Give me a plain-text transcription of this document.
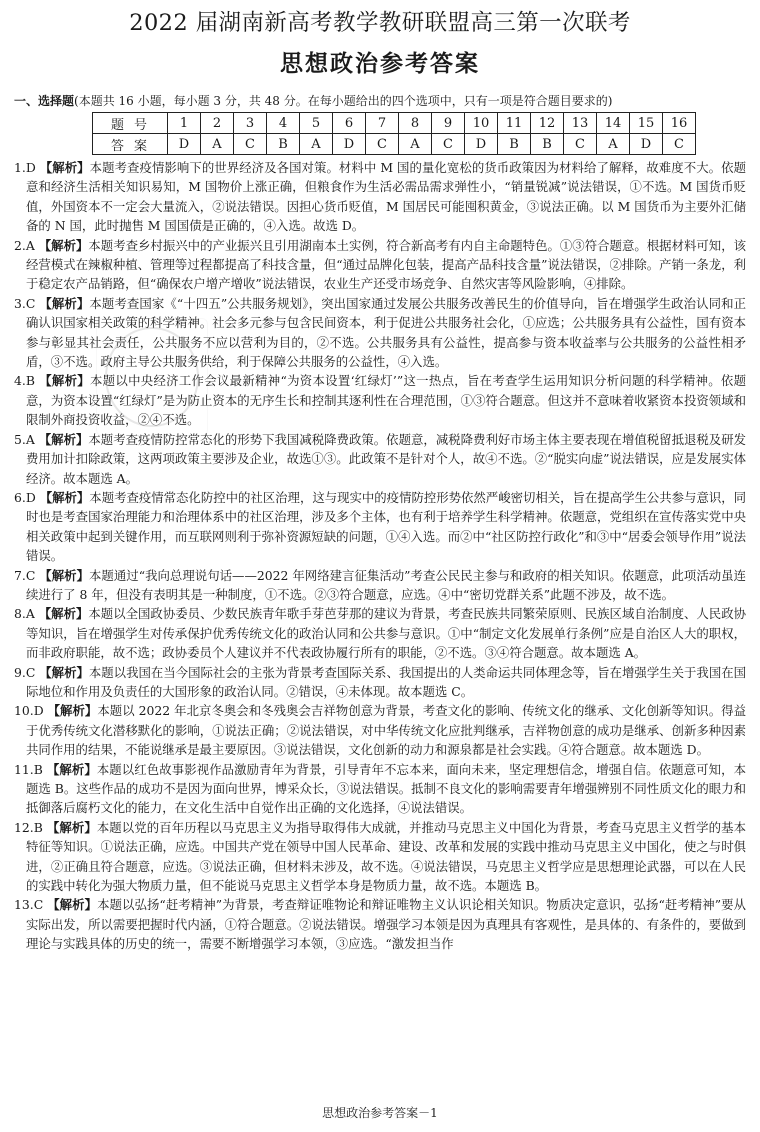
2022 届湖南新高考教学教研联盟高三第一次联考
思想政治参考答案
一、选择题(本题共 16 小题，每小题 3 分，共 48 分。在每小题给出的四个选项中，只有一项是符合题目要求的)
题号	1	2	3	4	5	6	7	8	9	10	11	12	13	14	15	16
答案	D	A	C	B	A	D	C	A	C	D	B	B	C	A	D	C

1.D 【解析】本题考查疫情影响下的世界经济及各国对策。材料中 M 国的量化宽松的货币政策因为材料给了解释，故难度不大。依题意和经济生活相关知识易知，M 国物价上涨正确，但粮食作为生活必需品需求弹性小，“销量锐减”说法错误，①不选。M 国货币贬值，外国资本不一定会大量流入，②说法错误。因担心货币贬值，M 国居民可能囤积黄金，③说法正确。以 M 国货币为主要外汇储备的 N 国，此时抛售 M 国国债是正确的，④入选。故选 D。

2.A 【解析】本题考查乡村振兴中的产业振兴且引用湖南本土实例，符合新高考有内自主命题特色。①③符合题意。根据材料可知，该经营模式在辣椒种植、管理等过程都提高了科技含量，但“通过品牌化包装，提高产品科技含量”说法错误，②排除。产销一条龙，利于稳定农产品销路，但“确保农户增产增收”说法错误，农业生产还受市场竞争、自然灾害等风险影响，④排除。

3.C 【解析】本题考查国家《“十四五”公共服务规划》，突出国家通过发展公共服务改善民生的价值导向，旨在增强学生政治认同和正确认识国家相关政策的科学精神。社会多元参与包含民间资本，利于促进公共服务社会化，①应选；公共服务具有公益性，国有资本参与彰显其社会责任，公共服务不应以营利为目的，②不选。公共服务具有公益性，提高参与资本收益率与公共服务的公益性相矛盾，③不选。政府主导公共服务供给，利于保障公共服务的公益性，④入选。

4.B 【解析】本题以中央经济工作会议最新精神“为资本设置‘红绿灯’”这一热点，旨在考查学生运用知识分析问题的科学精神。依题意，为资本设置“红绿灯”是为防止资本的无序生长和控制其逐利性在合理范围，①③符合题意。但这并不意味着收紧资本投资领域和限制外商投资收益，②④不选。

5.A 【解析】本题考查疫情防控常态化的形势下我国减税降费政策。依题意，减税降费利好市场主体主要表现在增值税留抵退税及研发费用加计扣除政策，这两项政策主要涉及企业，故选①③。此政策不是针对个人，故④不选。②“脱实向虚”说法错误，应是发展实体经济。故本题选 A。

6.D 【解析】本题考查疫情常态化防控中的社区治理，这与现实中的疫情防控形势依然严峻密切相关，旨在提高学生公共参与意识，同时也是考查国家治理能力和治理体系中的社区治理，涉及多个主体，也有利于培养学生科学精神。依题意，党组织在宣传落实党中央相关政策中起到关键作用，而互联网则利于弥补资源短缺的问题，①④入选。而②中“社区防控行政化”和③中“居委会领导作用”说法错误。

7.C 【解析】本题通过“我向总理说句话——2022 年网络建言征集活动”考查公民民主参与和政府的相关知识。依题意，此项活动虽连续进行了 8 年，但没有表明其是一种制度，①不选。②③符合题意，应选。④中“密切党群关系”此题不涉及，故不选。

8.A 【解析】本题以全国政协委员、少数民族青年歌手芽芭芽那的建议为背景，考查民族共同繁荣原则、民族区域自治制度、人民政协等知识，旨在增强学生对传承保护优秀传统文化的政治认同和公共参与意识。①中“制定文化发展单行条例”应是自治区人大的职权，而非政府职能，故不选；政协委员个人建议并不代表政协履行所有的职能，②不选。③④符合题意。故本题选 A。

9.C 【解析】本题以我国在当今国际社会的主张为背景考查国际关系、我国提出的人类命运共同体理念等，旨在增强学生关于我国在国际地位和作用及负责任的大国形象的政治认同。②错误，④未体现。故本题选 C。

10.D 【解析】本题以 2022 年北京冬奥会和冬残奥会吉祥物创意为背景，考查文化的影响、传统文化的继承、文化创新等知识。得益于优秀传统文化潜移默化的影响，①说法正确；②说法错误，对中华传统文化应批判继承，吉祥物创意的成功是继承、创新多种因素共同作用的结果，不能说继承是最主要原因。③说法错误，文化创新的动力和源泉都是社会实践。④符合题意。故本题选 D。

11.B 【解析】本题以红色故事影视作品激励青年为背景，引导青年不忘本来，面向未来，坚定理想信念，增强自信。依题意可知，本题选 B。这些作品的成功不是因为面向世界，博采众长，③说法错误。抵制不良文化的影响需要青年增强辨别不同性质文化的眼力和抵御落后腐朽文化的能力，在文化生活中自觉作出正确的文化选择，④说法错误。

12.B 【解析】本题以党的百年历程以马克思主义为指导取得伟大成就，并推动马克思主义中国化为背景，考查马克思主义哲学的基本特征等知识。①说法正确，应选。中国共产党在领导中国人民革命、建设、改革和发展的实践中推动马克思主义中国化，使之与时俱进，②正确且符合题意，应选。③说法正确，但材料未涉及，故不选。④说法错误，马克思主义哲学应是思想理论武器，可以在人民的实践中转化为强大物质力量，但不能说马克思主义哲学本身是物质力量，故不选。本题选 B。

13.C 【解析】本题以弘扬“赶考精神”为背景，考查辩证唯物论和辩证唯物主义认识论相关知识。物质决定意识，弘扬“赶考精神”要从实际出发，所以需要把握时代内涵，①符合题意。②说法错误。增强学习本领是因为真理具有客观性，是具体的、有条件的，要做到理论与实践具体的历史的统一，需要不断增强学习本领，③应选。“激发担当作

思想政治参考答案－1
